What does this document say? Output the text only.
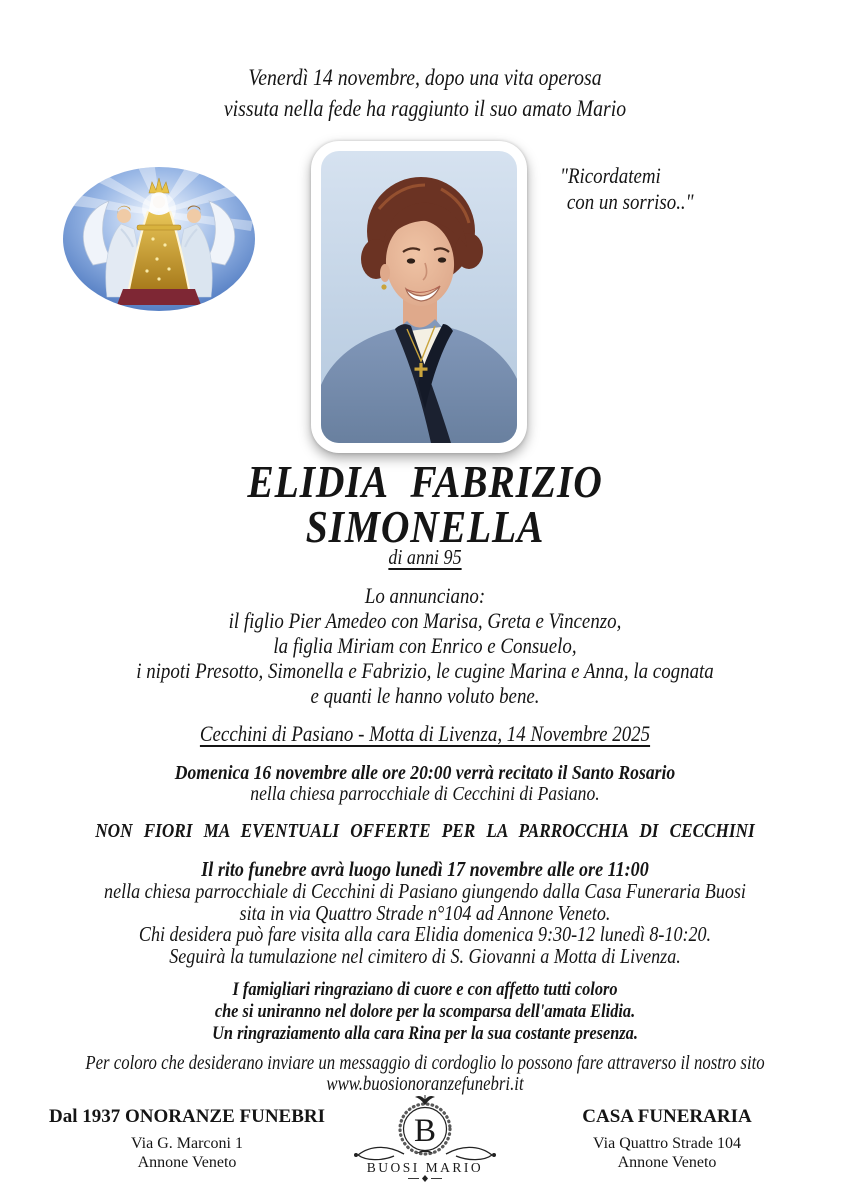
Venerdì 14 novembre, dopo una vita operosa
vissuta nella fede ha raggiunto il suo amato Mario
"Ricordatemi
con un sorriso.."
ELIDIA  FABRIZIO
SIMONELLA
di anni 95
Lo annunciano:
il figlio Pier Amedeo con Marisa, Greta e Vincenzo,
la figlia Miriam con Enrico e Consuelo,
i nipoti Presotto, Simonella e Fabrizio, le cugine Marina e Anna, la cognata
e quanti le hanno voluto bene.
Cecchini di Pasiano - Motta di Livenza, 14 Novembre 2025
Domenica 16 novembre alle ore 20:00 verrà recitato il Santo Rosario
nella chiesa parrocchiale di Cecchini di Pasiano.
NON FIORI MA EVENTUALI OFFERTE PER LA PARROCCHIA DI CECCHINI
Il rito funebre avrà luogo lunedì 17 novembre alle ore 11:00
nella chiesa parrocchiale di Cecchini di Pasiano giungendo dalla Casa Funeraria Buosi
sita in via Quattro Strade n°104 ad Annone Veneto.
Chi desidera può fare visita alla cara Elidia domenica 9:30-12 lunedì 8-10:20.
Seguirà la tumulazione nel cimitero di S. Giovanni a Motta di Livenza.
I famigliari ringraziano di cuore e con affetto tutti coloro
che si uniranno nel dolore per la scomparsa dell'amata Elidia.
Un ringraziamento alla cara Rina per la sua costante presenza.
Per coloro che desiderano inviare un messaggio di cordoglio lo possono fare attraverso il nostro sito
www.buosionoranzefunebri.it
Dal 1937 ONORANZE FUNEBRI
Via G. Marconi 1
Annone Veneto
B
BUOSI MARIO
CASA FUNERARIA
Via Quattro Strade 104
Annone Veneto
